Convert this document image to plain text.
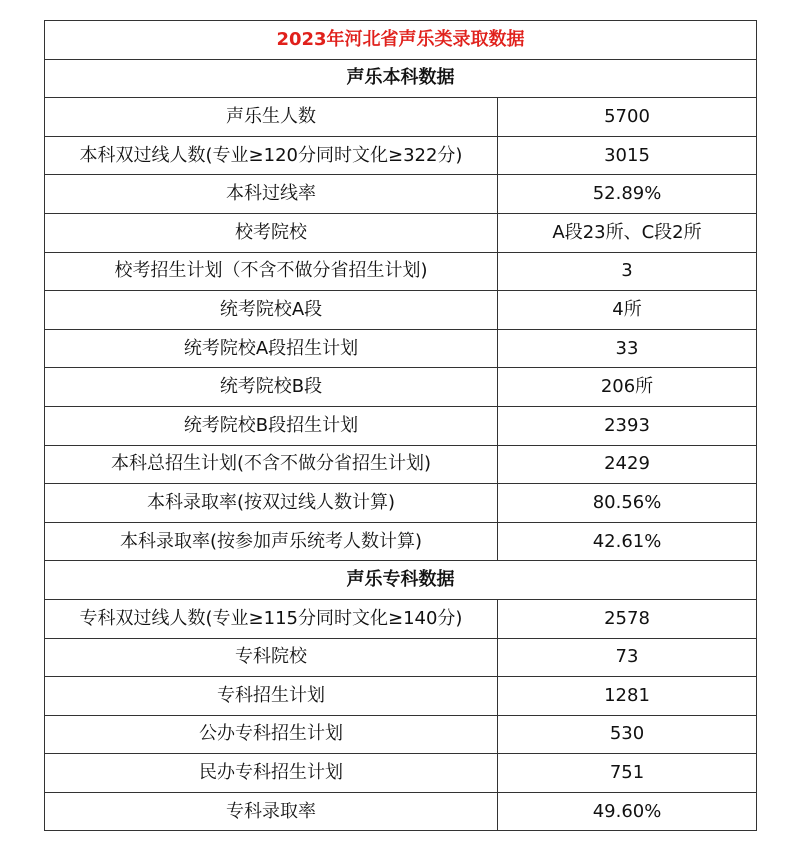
2023年河北省声乐类录取数据	
声乐本科数据	
声乐生人数	5700
本科双过线人数(专业≥120分同时文化≥322分)	3015
本科过线率	52.89%
校考院校	A段23所、C段2所
校考招生计划（不含不做分省招生计划)	3
统考院校A段	4所
统考院校A段招生计划	33
统考院校B段	206所
统考院校B段招生计划	2393
本科总招生计划(不含不做分省招生计划)	2429
本科录取率(按双过线人数计算)	80.56%
本科录取率(按参加声乐统考人数计算)	42.61%
声乐专科数据	
专科双过线人数(专业≥115分同时文化≥140分)	2578
专科院校	73
专科招生计划	1281
公办专科招生计划	530
民办专科招生计划	751
专科录取率	49.60%
